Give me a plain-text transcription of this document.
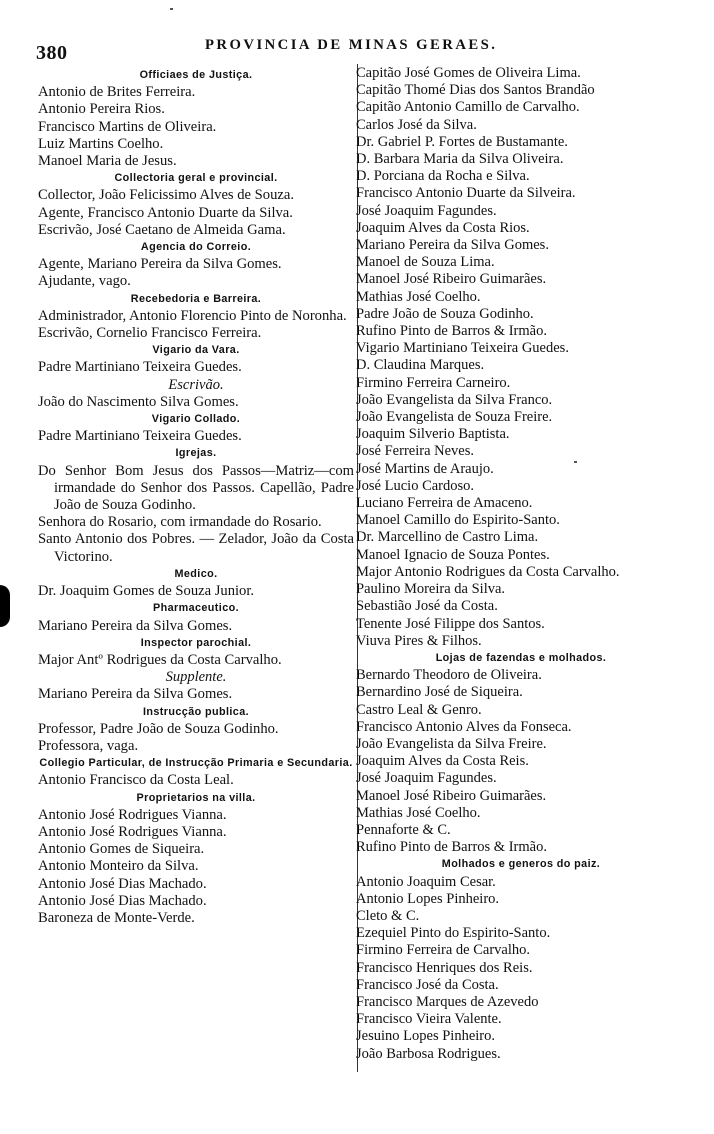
380	PROVINCIA DE MINAS GERAES.

Officiaes de Justiça.

Antonio de Brites Ferreira.

Antonio Pereira Rios.

Francisco Martins de Oliveira.

Luiz Martins Coelho.

Manoel Maria de Jesus.

Collectoria geral e provincial.

Collector, João Felicissimo Alves de Souza.

Agente, Francisco Antonio Duarte da Silva.

Escrivão, José Caetano de Almeida Gama.

Agencia do Correio.

Agente, Mariano Pereira da Silva Gomes.

Ajudante, vago.

Recebedoria e Barreira.

Administrador, Antonio Florencio Pinto de Noronha.

Escrivão, Cornelio Francisco Ferreira.

Vigario da Vara.

Padre Martiniano Teixeira Guedes.

Escrivão.

João do Nascimento Silva Gomes.

Vigario Collado.

Padre Martiniano Teixeira Guedes.

Igrejas.

Do Senhor Bom Jesus dos Passos—Matriz—com irmandade do Senhor dos Passos. Capellão, Padre João de Souza Godinho.

Senhora do Rosario, com irmandade do Rosario.

Santo Antonio dos Pobres. — Zelador, João da Costa Victorino.

Medico.

Dr. Joaquim Gomes de Souza Junior.

Pharmaceutico.

Mariano Pereira da Silva Gomes.

Inspector parochial.

Major Antº Rodrigues da Costa Carvalho.

Supplente.

Mariano Pereira da Silva Gomes.

Instrucção publica.

Professor, Padre João de Souza Godinho.

Professora, vaga.

Collegio Particular, de Instrucção Primaria e Secundaria.

Antonio Francisco da Costa Leal.

Proprietarios na villa.

Antonio José Rodrigues Vianna.

Antonio José Rodrigues Vianna.

Antonio Gomes de Siqueira.

Antonio Monteiro da Silva.

Antonio José Dias Machado.

Antonio José Dias Machado.

Baroneza de Monte-Verde.

Capitão José Gomes de Oliveira Lima.

Capitão Thomé Dias dos Santos Brandão

Capitão Antonio Camillo de Carvalho.

Carlos José da Silva.

Dr. Gabriel P. Fortes de Bustamante.

D. Barbara Maria da Silva Oliveira.

D. Porciana da Rocha e Silva.

Francisco Antonio Duarte da Silveira.

José Joaquim Fagundes.

Joaquim Alves da Costa Rios.

Mariano Pereira da Silva Gomes.

Manoel de Souza Lima.

Manoel José Ribeiro Guimarães.

Mathias José Coelho.

Padre João de Souza Godinho.

Rufino Pinto de Barros & Irmão.

Vigario Martiniano Teixeira Guedes.

D. Claudina Marques.

Firmino Ferreira Carneiro.

João Evangelista da Silva Franco.

João Evangelista de Souza Freire.

Joaquim Silverio Baptista.

José Ferreira Neves.

José Martins de Araujo.

José Lucio Cardoso.

Luciano Ferreira de Amaceno.

Manoel Camillo do Espirito-Santo.

Dr. Marcellino de Castro Lima.

Manoel Ignacio de Souza Pontes.

Major Antonio Rodrigues da Costa Carvalho.

Paulino Moreira da Silva.

Sebastião José da Costa.

Tenente José Filippe dos Santos.

Viuva Pires & Filhos.

Lojas de fazendas e molhados.

Bernardo Theodoro de Oliveira.

Bernardino José de Siqueira.

Castro Leal & Genro.

Francisco Antonio Alves da Fonseca.

João Evangelista da Silva Freire.

Joaquim Alves da Costa Reis.

José Joaquim Fagundes.

Manoel José Ribeiro Guimarães.

Mathias José Coelho.

Pennaforte & C.

Rufino Pinto de Barros & Irmão.

Molhados e generos do paiz.

Antonio Joaquim Cesar.

Antonio Lopes Pinheiro.

Cleto & C.

Ezequiel Pinto do Espirito-Santo.

Firmino Ferreira de Carvalho.

Francisco Henriques dos Reis.

Francisco José da Costa.

Francisco Marques de Azevedo

Francisco Vieira Valente.

Jesuino Lopes Pinheiro.

João Barbosa Rodrigues.
